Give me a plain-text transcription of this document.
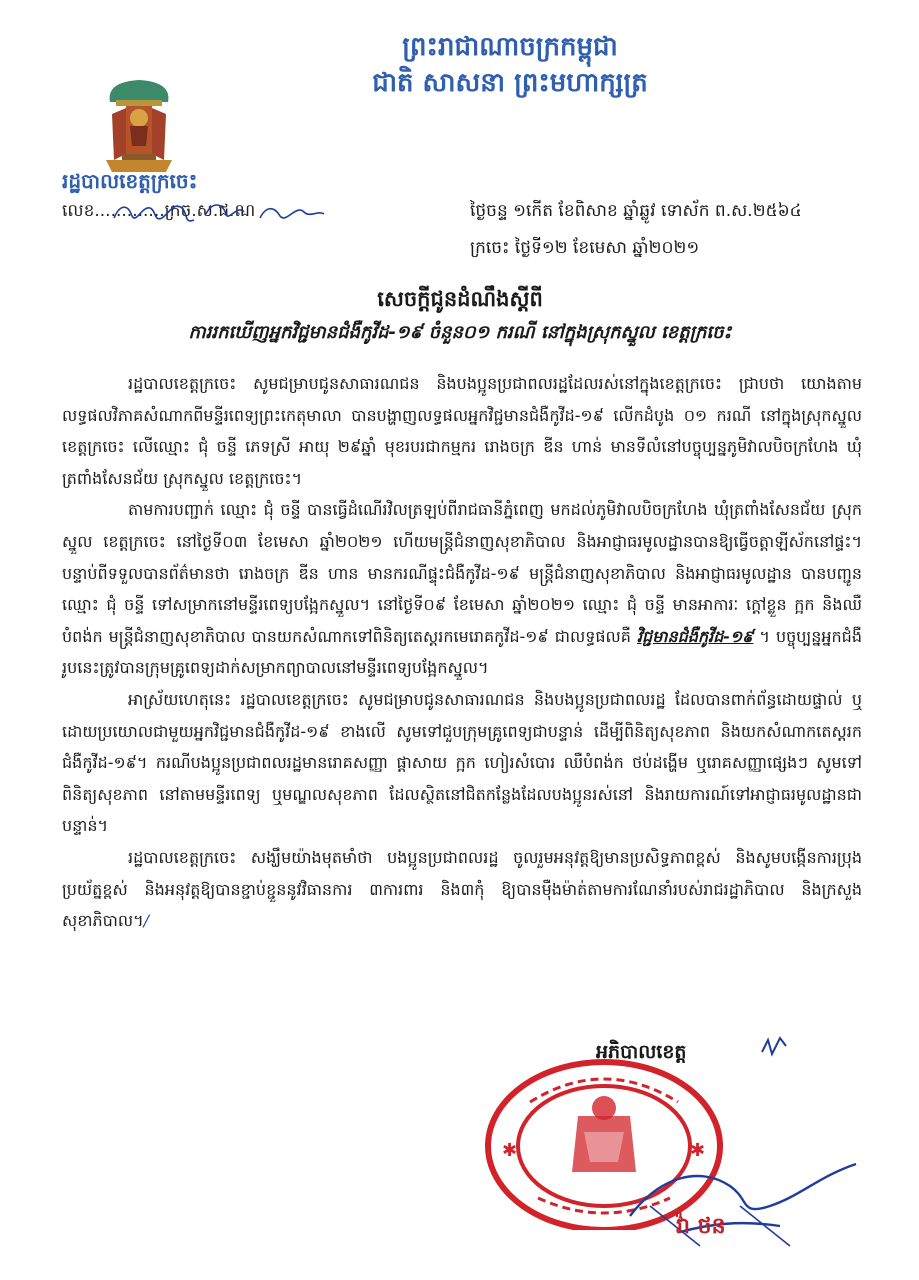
ព្រះរាជាណាចក្រកម្ពុជា
ជាតិ សាសនា ព្រះមហាក្សត្រ
រដ្ឋបាលខេត្តក្រចេះ
លេខ.............ក្រច.ស.ជ.ណ	ថ្ងៃចន្ទ ១កើត ខែពិសាខ ឆ្នាំឆ្លូវ ទោស័ក ព.ស.២៥៦៤
ក្រចេះ ថ្ងៃទី១២ ខែមេសា ឆ្នាំ២០២១
សេចក្តីជូនដំណឹងស្តីពី
ការរកឃើញអ្នកវិជ្ជមានជំងឺកូវីដ-១៩ ចំនួន០១ ករណី នៅក្នុងស្រុកស្នួល ខេត្តក្រចេះ

រដ្ឋបាលខេត្តក្រចេះ សូមជម្រាបជូនសាធារណជន និងបងប្អូនប្រជាពលរដ្ឋដែលរស់នៅក្នុងខេត្តក្រចេះ ជ្រាបថា យោងតាមលទ្ធផលវិភាគសំណាកពីមន្ទីរពេទ្យព្រះកេតុមាលា បានបង្ហាញលទ្ធផលអ្នកវិជ្ជមានជំងឺកូវីដ-១៩ លើកដំបូង ០១ ករណី នៅក្នុងស្រុកស្នួល ខេត្តក្រចេះ លើឈ្មោះ ជុំ ចន្ទី ភេទស្រី អាយុ ២៩ឆ្នាំ មុខរបរជាកម្មករ រោងចក្រ ឌីន ហាន់ មានទីលំនៅបច្ចុប្បន្នភូមិវាលបិចក្រហែង ឃុំត្រពាំងសែនជ័យ ស្រុកស្នួល ខេត្តក្រចេះ។

តាមការបញ្ជាក់ ឈ្មោះ ជុំ ចន្ទី បានធ្វើដំណើរវិលត្រឡប់ពីរាជធានីភ្នំពេញ មកដល់ភូមិវាលបិចក្រហែង ឃុំត្រពាំងសែនជ័យ ស្រុកស្នួល ខេត្តក្រចេះ នៅថ្ងៃទី០៣ ខែមេសា ឆ្នាំ២០២១ ហើយមន្ត្រីជំនាញសុខាភិបាល និងអាជ្ញាធរមូលដ្ឋានបានឱ្យធ្វើចត្តាឡីស័កនៅផ្ទះ។ បន្ទាប់ពីទទួលបានព័ត៌មានថា រោងចក្រ ឌីន ហាន មានករណីផ្ទុះជំងឺកូវីដ-១៩ មន្ត្រីជំនាញសុខាភិបាល និងអាជ្ញាធរមូលដ្ឋាន បានបញ្ជូនឈ្មោះ ជុំ ចន្ទី ទៅសម្រាកនៅមន្ទីរពេទ្យបង្អែកស្នួល។ នៅថ្ងៃទី០៩ ខែមេសា ឆ្នាំ២០២១ ឈ្មោះ ជុំ ចន្ទី មានអាការៈ ក្តៅខ្លួន ក្អក និងឈឺបំពង់ក មន្ត្រីជំនាញសុខាភិបាល បានយកសំណាកទៅពិនិត្យតេស្តរកមេរោគកូវីដ-១៩ ជាលទ្ធផលគឺ វិជ្ជមានជំងឺកូវីដ-១៩ ។ បច្ចុប្បន្នអ្នកជំងឺរូបនេះត្រូវបានក្រុមគ្រូពេទ្យដាក់សម្រាកព្យាបាលនៅមន្ទីរពេទ្យបង្អែកស្នួល។

អាស្រ័យហេតុនេះ រដ្ឋបាលខេត្តក្រចេះ សូមជម្រាបជូនសាធារណជន និងបងប្អូនប្រជាពលរដ្ឋ ដែលបានពាក់ព័ន្ធដោយផ្ទាល់ ឬដោយប្រយោលជាមួយអ្នកវិជ្ជមានជំងឺកូវីដ-១៩ ខាងលើ សូមទៅជួបក្រុមគ្រូពេទ្យជាបន្ទាន់ ដើម្បីពិនិត្យសុខភាព និងយកសំណាកតេស្តរកជំងឺកូវីដ-១៩។ ករណីបងប្អូនប្រជាពលរដ្ឋមានរោគសញ្ញា ផ្តាសាយ ក្អក ហៀរសំបោរ ឈឺបំពង់ក ថប់ដង្ហើម ឬរោគសញ្ញាផ្សេងៗ សូមទៅពិនិត្យសុខភាព នៅតាមមន្ទីរពេទ្យ ឬមណ្ឌលសុខភាព ដែលស្ថិតនៅជិតកន្លែងដែលបងប្អូនរស់នៅ និងរាយការណ៍ទៅអាជ្ញាធរមូលដ្ឋានជាបន្ទាន់។

រដ្ឋបាលខេត្តក្រចេះ សង្ឃឹមយ៉ាងមុតមាំថា បងប្អូនប្រជាពលរដ្ឋ ចូលរួមអនុវត្តឱ្យមានប្រសិទ្ធភាពខ្ពស់ និងសូមបង្កើនការប្រុងប្រយ័ត្នខ្ពស់ និងអនុវត្តឱ្យបានខ្ជាប់ខ្ជួននូវវិធានការ ៣ការពារ និង៣កុំ ឱ្យបានម៉ឺងម៉ាត់តាមការណែនាំរបស់រាជរដ្ឋាភិបាល និងក្រសួងសុខាភិបាល។/

អភិបាលខេត្ត
✱	✱
វ៉ា ថន
